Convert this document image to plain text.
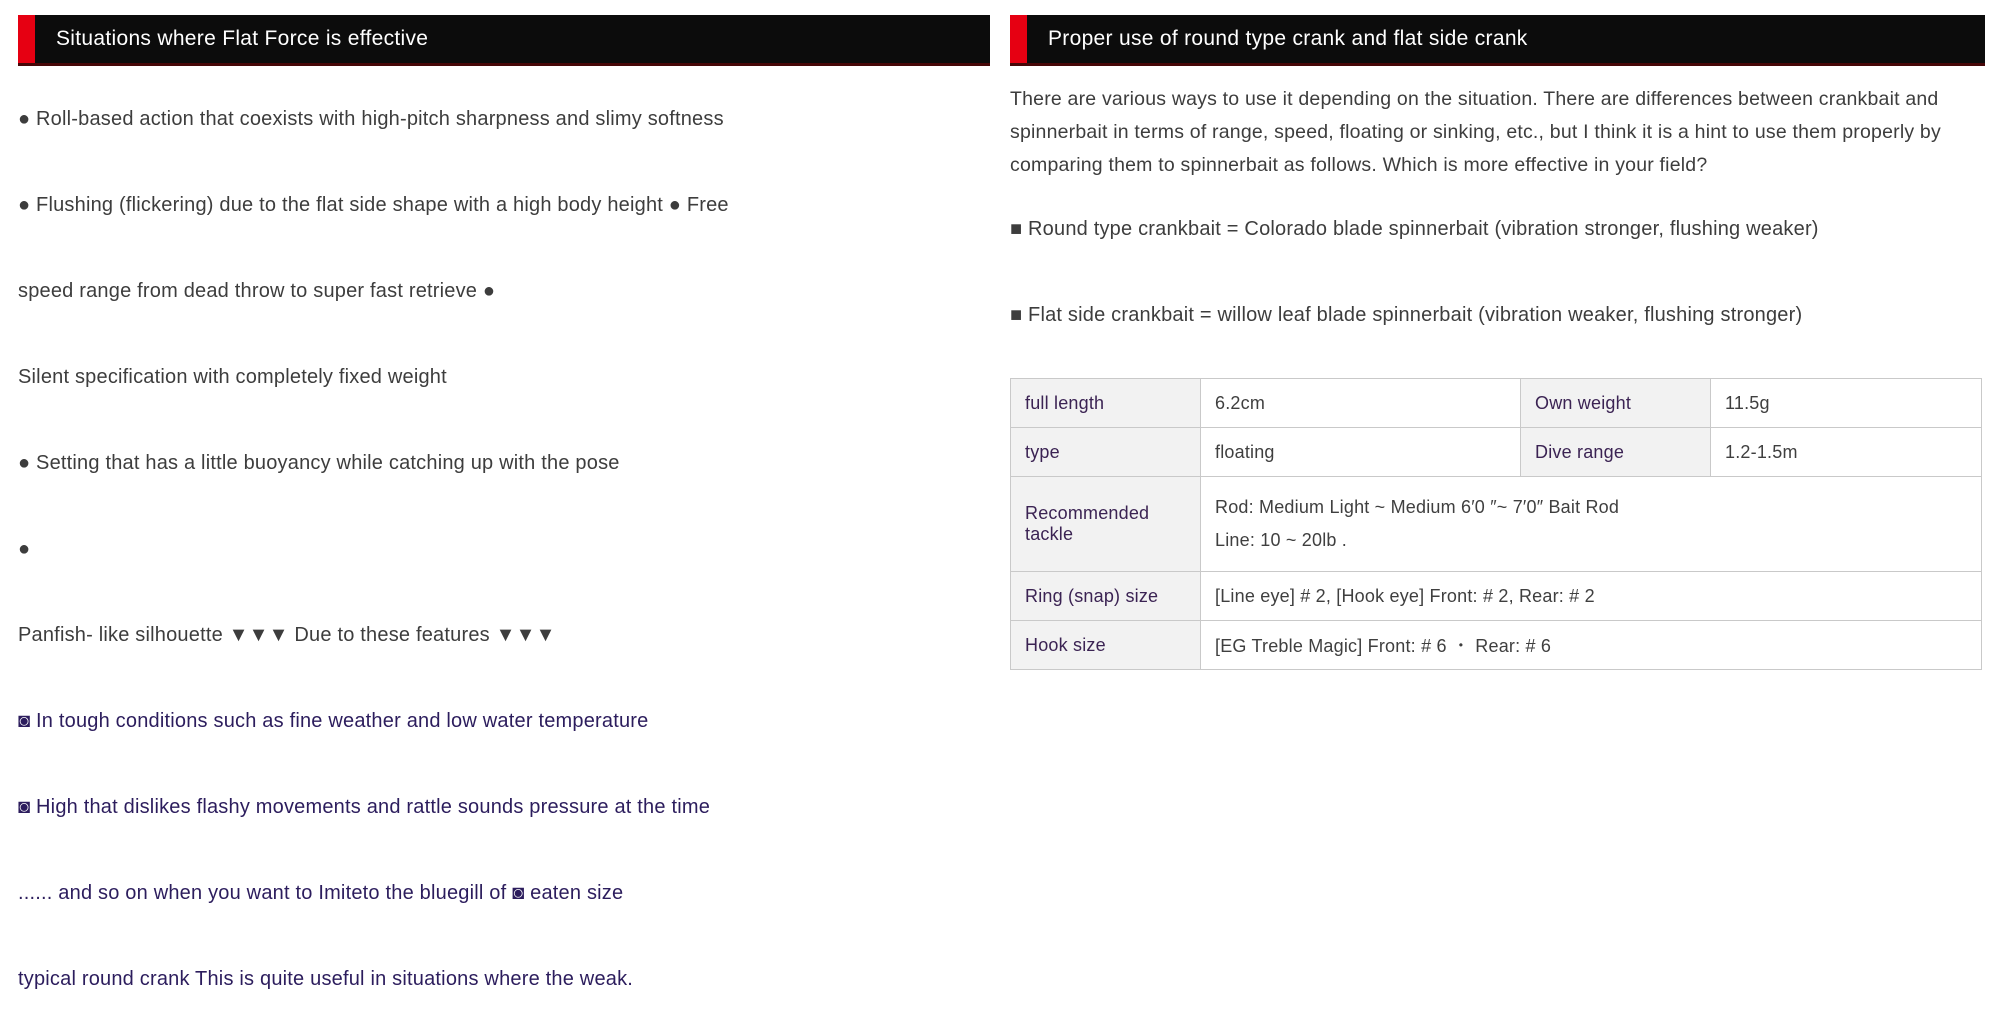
Situations where Flat Force is effective

● Roll-based action that coexists with high-pitch sharpness and slimy softness

● Flushing (flickering) due to the flat side shape with a high body height ● Free

speed range from dead throw to super fast retrieve ●

Silent specification with completely fixed weight

● Setting that has a little buoyancy while catching up with the pose

●

Panfish- like silhouette ▼▼▼ Due to these features ▼▼▼

◙ In tough conditions such as fine weather and low water temperature

◙ High that dislikes flashy movements and rattle sounds pressure at the time

...... and so on when you want to Imiteto the bluegill of ◙ eaten size

typical round crank This is quite useful in situations where the weak.

Proper use of round type crank and flat side crank

There are various ways to use it depending on the situation. There are differences between crankbait and spinnerbait in terms of range, speed, floating or sinking, etc., but I think it is a hint to use them properly by comparing them to spinnerbait as follows. Which is more effective in your field?

■ Round type crankbait = Colorado blade spinnerbait (vibration stronger, flushing weaker)

■ Flat side crankbait = willow leaf blade spinnerbait (vibration weaker, flushing stronger)

full length	6.2cm	Own weight	11.5g
type	floating	Dive range	1.2-1.5m
Recommended tackle	Rod: Medium Light ~ Medium 6′0 ″~ 7′0″ Bait Rod
Line: 10 ~ 20lb .		

Ring (snap) size	[Line eye] # 2, [Hook eye] Front: # 2, Rear: # 2		
Hook size	[EG Treble Magic] Front: # 6 ・ Rear: # 6		
